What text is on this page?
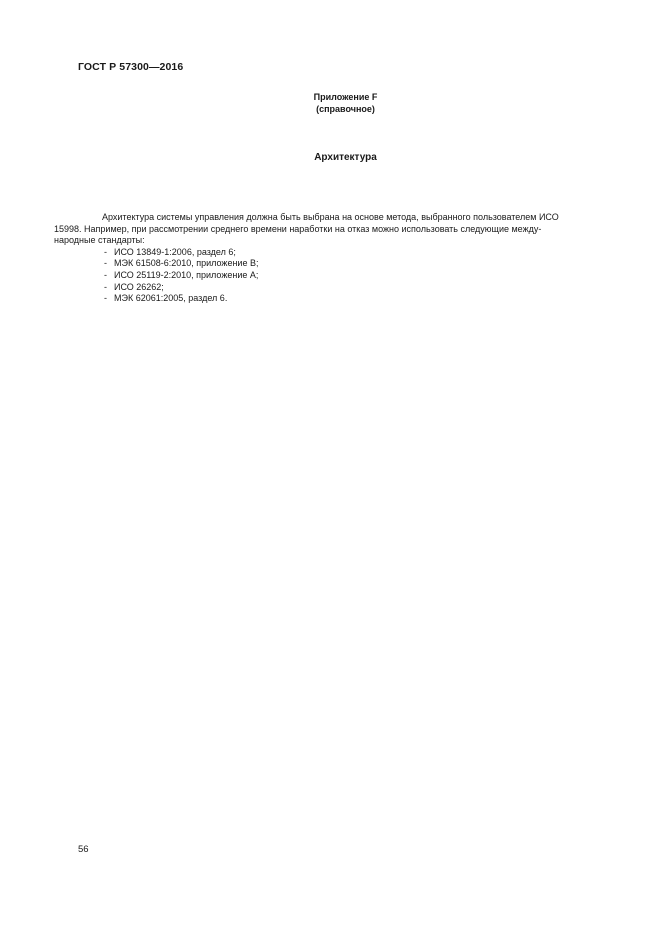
ГОСТ Р 57300—2016
Приложение F
(справочное)
Архитектура

Архитектура системы управления должна быть выбрана на основе метода, выбранного пользователем ИСО
15998. Например, при рассмотрении среднего времени наработки на отказ можно использовать следующие между-
народные стандарты:

- ИСО 13849-1:2006, раздел 6;
- МЭК 61508-6:2010, приложение B;
- ИСО 25119-2:2010, приложение А;
- ИСО 26262;
- МЭК 62061:2005, раздел 6.
56
